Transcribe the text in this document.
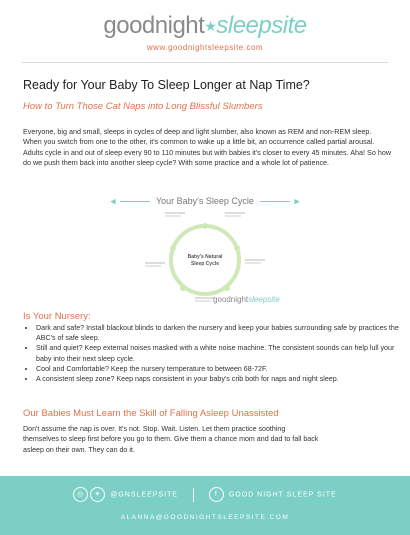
goodnight★sleepsite
www.goodnightsleepsite.com
Ready for Your Baby To Sleep Longer at Nap Time?
How to Turn Those Cat Naps into Long Blissful Slumbers

Everyone, big and small, sleeps in cycles of deep and light slumber, also known as REM and non-REM sleep. When you switch from one to the other, it's common to wake up a little bit, an occurrence called partial arousal. Adults cycle in and out of sleep every 90 to 110 minutes but with babies it's closer to every 45 minutes. Aha! So how do we push them back into another sleep cycle? With some practice and a whole lot of patience.

◀	Your Baby's Sleep Cycle	▶
Baby's Natural
Sleep Cycle
goodnightsleepsite
Is Your Nursery:
• Dark and safe? Install blackout blinds to darken the nursery and keep your babies surrounding safe by practices the ABC's of safe sleep.
• Still and quiet? Keep external noises masked with a white noise machine. The consistent sounds can help lull your baby into their next sleep cycle.
• Cool and Comfortable? Keep the nursery temperature to between 68-72F.
• A consistent sleep zone? Keep naps consistent in your baby's crib both for naps and night sleep.
Our Babies Must Learn the Skill of Falling Asleep Unassisted

Don't assume the nap is over. It's not. Stop. Wait. Listen. Let them practice soothing themselves to sleep first before you go to them. Give them a chance mom and dad to fall back asleep on their own. They can do it.

◎ ✦ @GNSLEEPSITE	f GOOD NIGHT SLEEP SITE
ALANNA@GOODNIGHTSLEEPSITE.COM
